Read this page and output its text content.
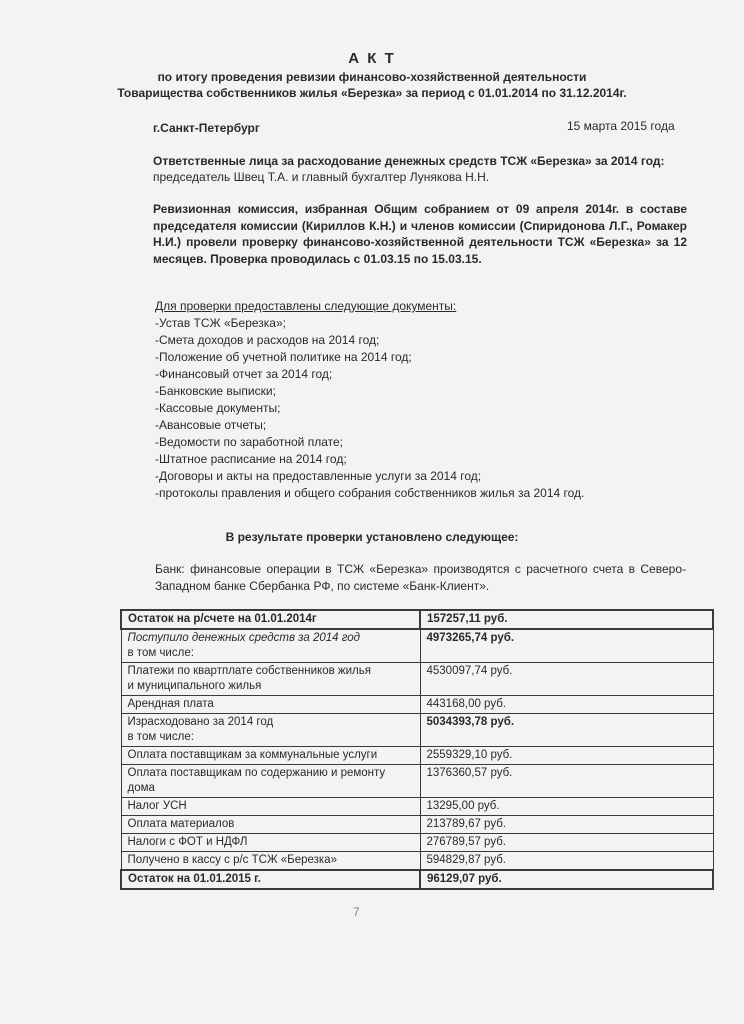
А К Т
по итогу проведения ревизии финансово-хозяйственной деятельности
Товарищества собственников жилья «Березка» за период с 01.01.2014 по 31.12.2014г.
г.Санкт-Петербург	15 марта 2015 года
Ответственные лица за расходование денежных средств ТСЖ «Березка» за 2014 год:
председатель Швец Т.А. и главный бухгалтер Лунякова Н.Н.
Ревизионная комиссия, избранная Общим собранием от 09 апреля 2014г. в составе
председателя комиссии (Кириллов К.Н.) и членов комиссии (Спиридонова Л.Г., Ромакер
Н.И.) провели проверку финансово-хозяйственной деятельности ТСЖ «Березка» за 12
месяцев. Проверка проводилась с 01.03.15 по 15.03.15.
Для проверки предоставлены следующие документы:
-Устав ТСЖ «Березка»;
-Смета доходов и расходов на 2014 год;
-Положение об учетной политике на 2014 год;
-Финансовый отчет за 2014 год;
-Банковские выписки;
-Кассовые документы;
-Авансовые отчеты;
-Ведомости по заработной плате;
-Штатное расписание на 2014 год;
-Договоры и акты на предоставленные услуги за 2014 год;
-протоколы правления и общего собрания собственников жилья за 2014 год.
В результате проверки установлено следующее:
Банк: финансовые операции в ТСЖ «Березка» производятся с расчетного счета в Северо-
Западном банке Сбербанка РФ, по системе «Банк-Клиент».
Остаток на р/счете на 01.01.2014г	157257,11 руб.

Поступило денежных средств за 2014 год
в том числе:	4973265,74 руб.

Платежи по квартплате собственников жилья
и муниципального жилья	4530097,74 руб.
Арендная плата	443168,00 руб.

Израсходовано за 2014 год
в том числе:	5034393,78 руб.
Оплата поставщикам за коммунальные услуги	2559329,10 руб.

Оплата поставщикам по содержанию и ремонту
дома	1376360,57 руб.
Налог УСН	13295,00 руб.
Оплата материалов	213789,67 руб.
Налоги с ФОТ и НДФЛ	276789,57 руб.
Получено в кассу с р/с ТСЖ «Березка»	594829,87 руб.
Остаток на 01.01.2015 г.	96129,07 руб.
7
